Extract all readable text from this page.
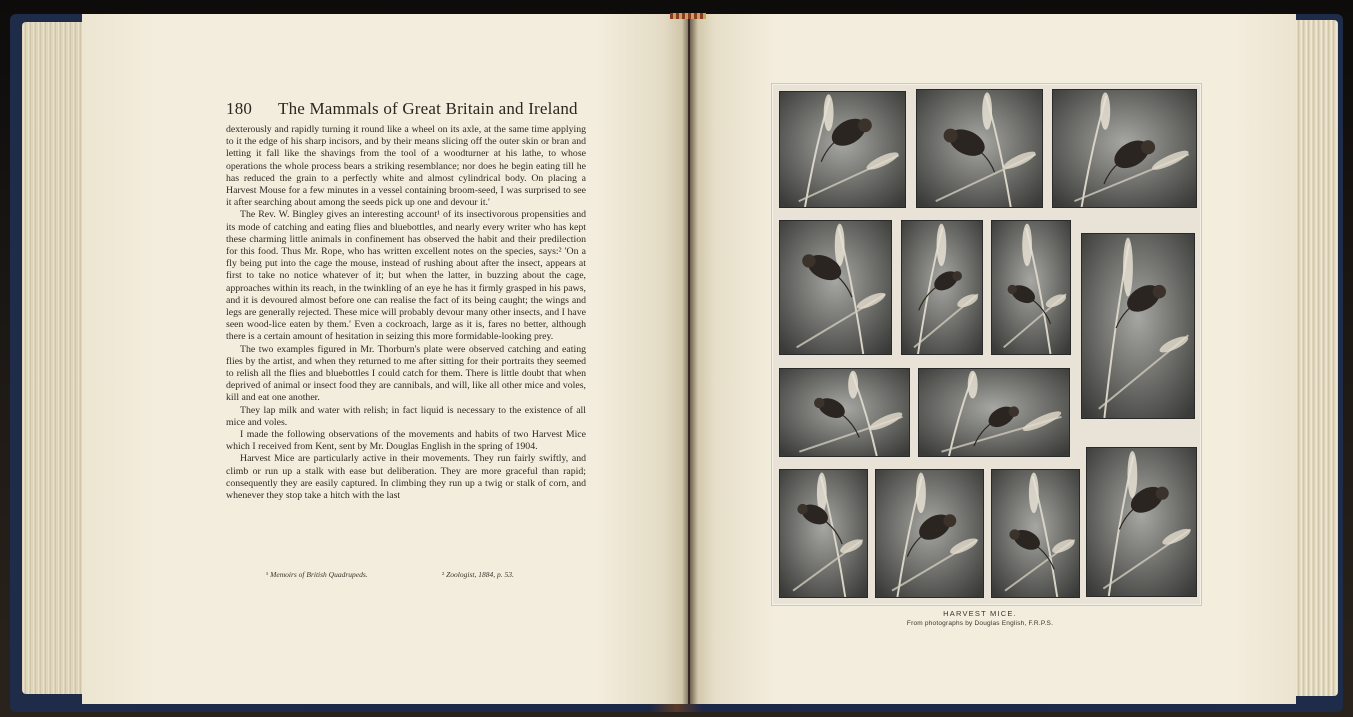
180 The Mammals of Great Britain and Ireland

dexterously and rapidly turning it round like a wheel on its axle, at the same time applying to it the edge of his sharp incisors, and by their means slicing off the outer skin or bran and letting it fall like the shavings from the tool of a woodturner at his lathe, to whose operations the whole process bears a striking resemblance; nor does he begin eating till he has reduced the grain to a perfectly white and almost cylindrical body. On placing a Harvest Mouse for a few minutes in a vessel containing broom-seed, I was surprised to see it after searching about among the seeds pick up one and devour it.'

The Rev. W. Bingley gives an interesting account¹ of its insectivorous propensities and its mode of catching and eating flies and bluebottles, and nearly every writer who has kept these charming little animals in confinement has observed the habit and their predilection for this food. Thus Mr. Rope, who has written excellent notes on the species, says:² 'On a fly being put into the cage the mouse, instead of rushing about after the insect, appears at first to take no notice whatever of it; but when the latter, in buzzing about the cage, approaches within its reach, in the twinkling of an eye he has it firmly grasped in his paws, and it is devoured almost before one can realise the fact of its being caught; the wings and legs are generally rejected. These mice will probably devour many other insects, and I have seen wood-lice eaten by them.' Even a cockroach, large as it is, fares no better, although there is a certain amount of hesitation in seizing this more formidable-looking prey.

The two examples figured in Mr. Thorburn's plate were observed catching and eating flies by the artist, and when they returned to me after sitting for their portraits they seemed to relish all the flies and bluebottles I could catch for them. There is little doubt that when deprived of animal or insect food they are cannibals, and will, like all other mice and voles, kill and eat one another.

They lap milk and water with relish; in fact liquid is necessary to the existence of all mice and voles.

I made the following observations of the movements and habits of two Harvest Mice which I received from Kent, sent by Mr. Douglas English in the spring of 1904.

Harvest Mice are particularly active in their movements. They run fairly swiftly, and climb or run up a stalk with ease but deliberation. They are more graceful than rapid; consequently they are easily captured. In climbing they run up a twig or stalk of corn, and whenever they stop take a hitch with the last

¹ Memoirs of British Quadrupeds.	² Zoologist, 1884, p. 53.
HARVEST MICE.
From photographs by Douglas English, F.R.P.S.
